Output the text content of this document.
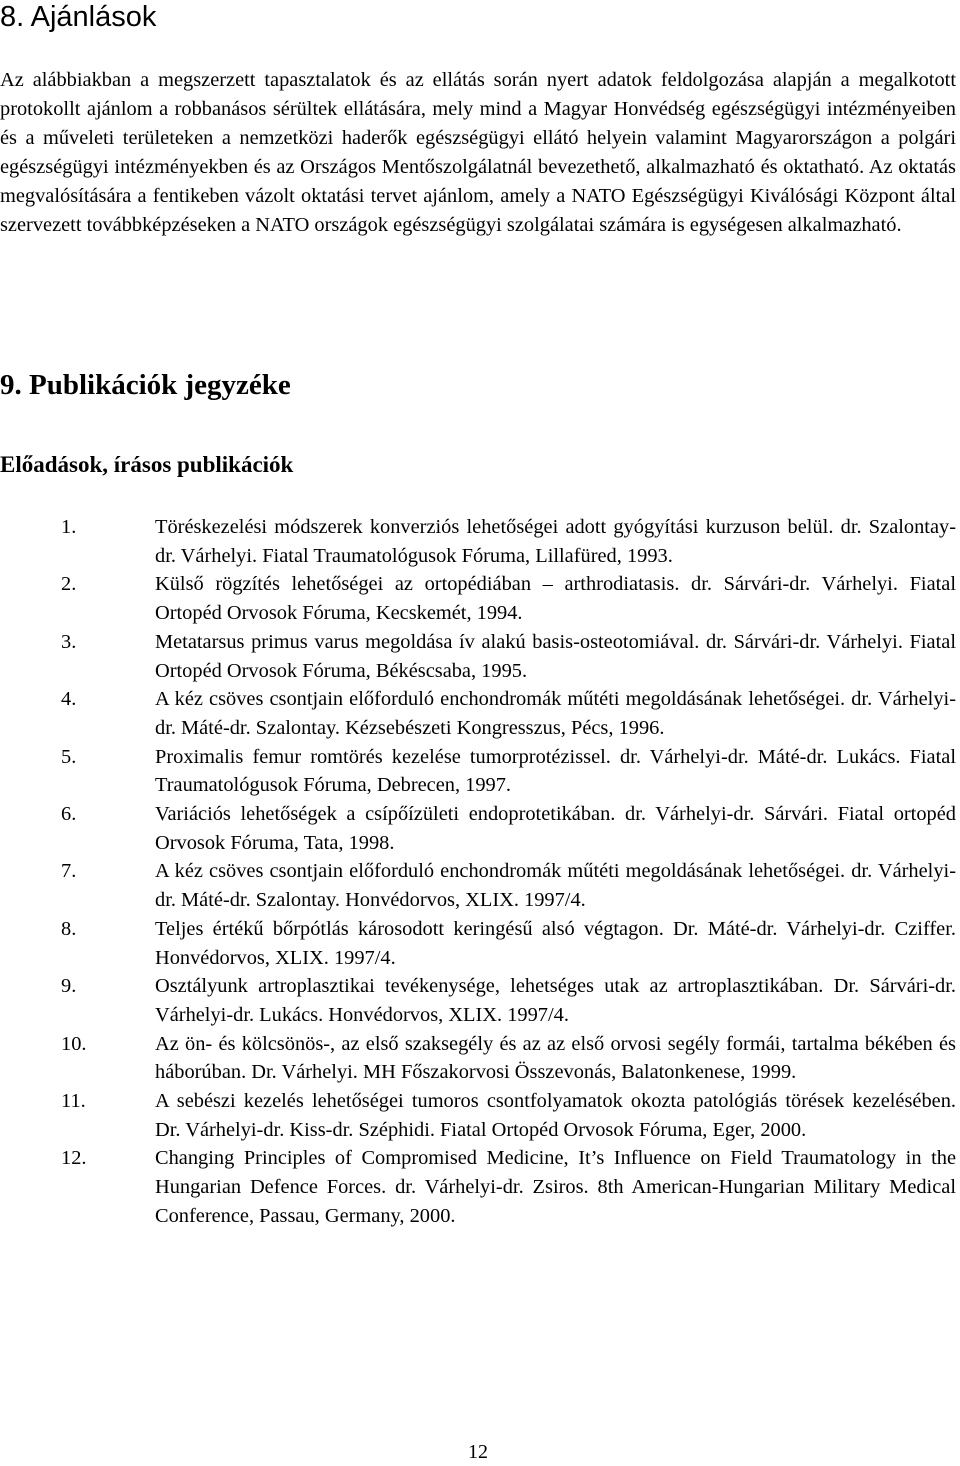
8. Ajánlások

Az alábbiakban a megszerzett tapasztalatok és az ellátás során nyert adatok feldolgozása alapján a megalkotott protokollt ajánlom a robbanásos sérültek ellátására, mely mind a Magyar Honvédség egészségügyi intézményeiben és a műveleti területeken a nemzetközi haderők egészségügyi ellátó helyein valamint Magyarországon a polgári egészségügyi intézményekben és az Országos Mentőszolgálatnál bevezethető, alkalmazható és oktatható. Az oktatás megvalósítására a fentikeben vázolt oktatási tervet ajánlom, amely a NATO Egészségügyi Kiválósági Központ által szervezett továbbképzéseken a NATO országok egészségügyi szolgálatai számára is egységesen alkalmazható.

9. Publikációk jegyzéke
Előadások, írásos publikációk
1.	Töréskezelési módszerek konverziós lehetőségei adott gyógyítási kurzuson belül. dr. Szalontay-dr. Várhelyi. Fiatal Traumatológusok Fóruma, Lillafüred, 1993.
2.	Külső rögzítés lehetőségei az ortopédiában – arthrodiatasis. dr. Sárvári-dr. Várhelyi. Fiatal Ortopéd Orvosok Fóruma, Kecskemét, 1994.
3.	Metatarsus primus varus megoldása ív alakú basis-osteotomiával. dr. Sárvári-dr. Várhelyi. Fiatal Ortopéd Orvosok Fóruma, Békéscsaba, 1995.
4.	A kéz csöves csontjain előforduló enchondromák műtéti megoldásának lehetőségei. dr. Várhelyi-dr. Máté-dr. Szalontay. Kézsebészeti Kongresszus, Pécs, 1996.
5.	Proximalis femur romtörés kezelése tumorprotézissel. dr. Várhelyi-dr. Máté-dr. Lukács. Fiatal Traumatológusok Fóruma, Debrecen, 1997.
6.	Variációs lehetőségek a csípőízületi endoprotetikában. dr. Várhelyi-dr. Sárvári. Fiatal ortopéd Orvosok Fóruma, Tata, 1998.
7.	A kéz csöves csontjain előforduló enchondromák műtéti megoldásának lehetőségei. dr. Várhelyi-dr. Máté-dr. Szalontay. Honvédorvos, XLIX. 1997/4.
8.	Teljes értékű bőrpótlás károsodott keringésű alsó végtagon. Dr. Máté-dr. Várhelyi-dr. Cziffer. Honvédorvos, XLIX. 1997/4.
9.	Osztályunk artroplasztikai tevékenysége, lehetséges utak az artroplasztikában. Dr. Sárvári-dr. Várhelyi-dr. Lukács. Honvédorvos, XLIX. 1997/4.
10.	Az ön- és kölcsönös-, az első szaksegély és az az első orvosi segély formái, tartalma békében és háborúban. Dr. Várhelyi. MH Főszakorvosi Összevonás, Balatonkenese, 1999.
11.	A sebészi kezelés lehetőségei tumoros csontfolyamatok okozta patológiás törések kezelésében. Dr. Várhelyi-dr. Kiss-dr. Széphidi. Fiatal Ortopéd Orvosok Fóruma, Eger, 2000.
12.	Changing Principles of Compromised Medicine, It’s Influence on Field Traumatology in the Hungarian Defence Forces. dr. Várhelyi-dr. Zsiros. 8th American-Hungarian Military Medical Conference, Passau, Germany, 2000.
12
